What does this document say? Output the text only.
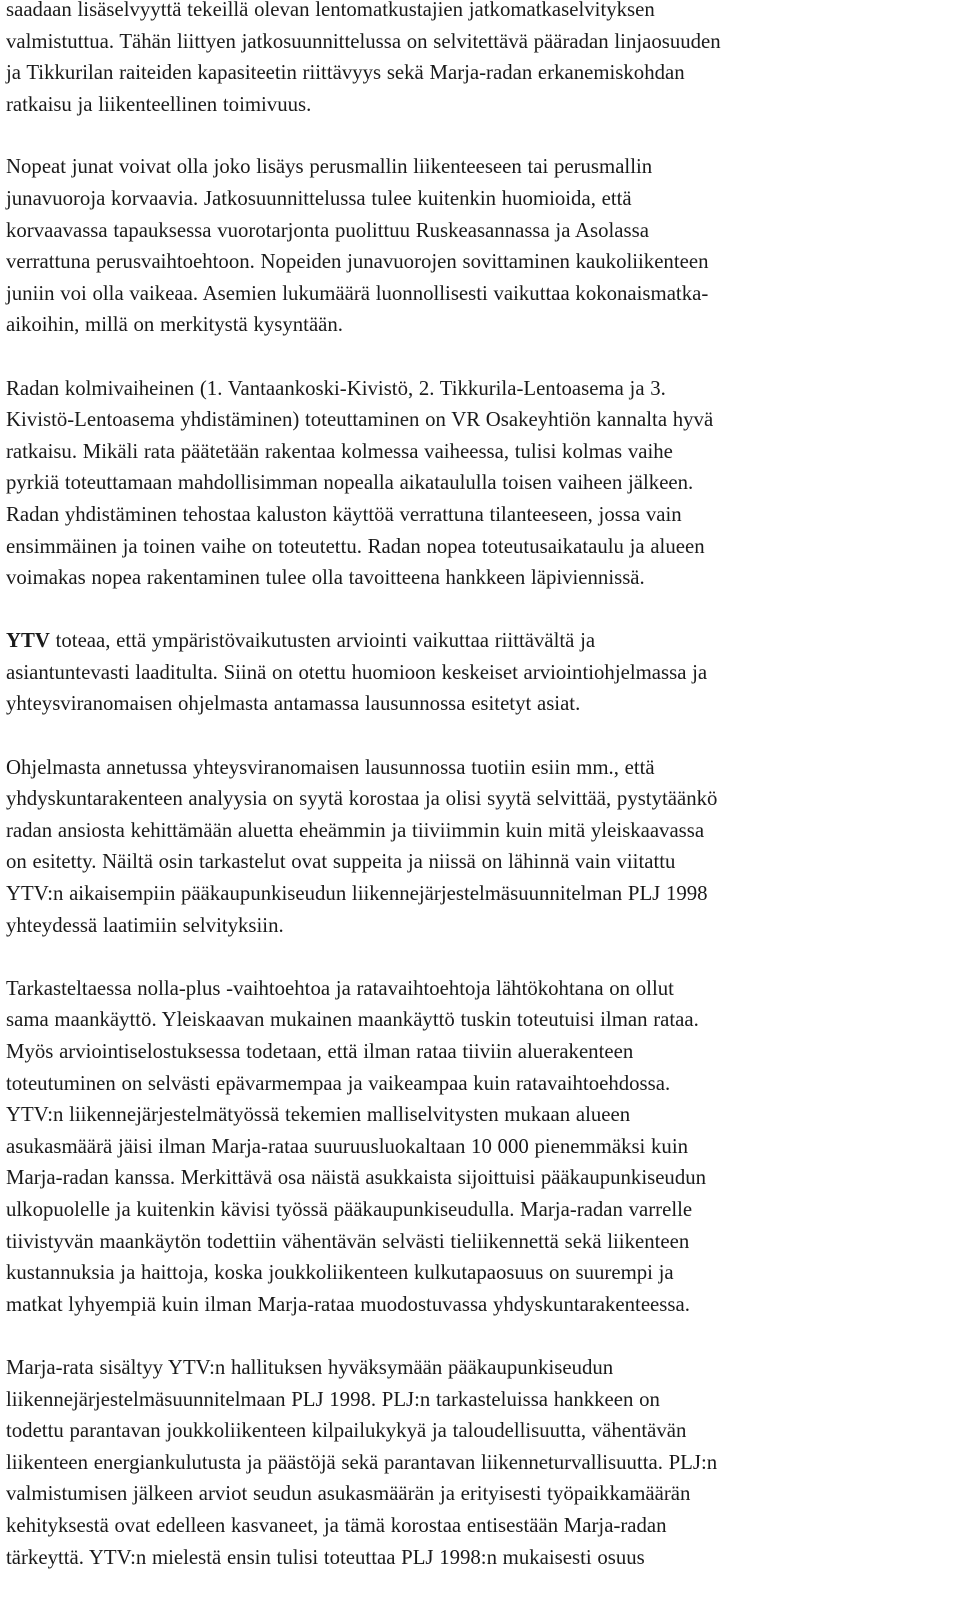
saadaan lisäselvyyttä tekeillä olevan lentomatkustajien jatkomatkaselvityksen
valmistuttua. Tähän liittyen jatkosuunnittelussa on selvitettävä pääradan linjaosuuden
ja Tikkurilan raiteiden kapasiteetin riittävyys sekä Marja-radan erkanemiskohdan
ratkaisu ja liikenteellinen toimivuus.

Nopeat junat voivat olla joko lisäys perusmallin liikenteeseen tai perusmallin
junavuoroja korvaavia. Jatkosuunnittelussa tulee kuitenkin huomioida, että
korvaavassa tapauksessa vuorotarjonta puolittuu Ruskeasannassa ja Asolassa
verrattuna perusvaihtoehtoon. Nopeiden junavuorojen sovittaminen kaukoliikenteen
juniin voi olla vaikeaa. Asemien lukumäärä luonnollisesti vaikuttaa kokonaismatka-
aikoihin, millä on merkitystä kysyntään.

Radan kolmivaiheinen (1. Vantaankoski-Kivistö, 2. Tikkurila-Lentoasema ja 3.
Kivistö-Lentoasema yhdistäminen) toteuttaminen on VR Osakeyhtiön kannalta hyvä
ratkaisu. Mikäli rata päätetään rakentaa kolmessa vaiheessa, tulisi kolmas vaihe
pyrkiä toteuttamaan mahdollisimman nopealla aikataululla toisen vaiheen jälkeen.
Radan yhdistäminen tehostaa kaluston käyttöä verrattuna tilanteeseen, jossa vain
ensimmäinen ja toinen vaihe on toteutettu. Radan nopea toteutusaikataulu ja alueen
voimakas nopea rakentaminen tulee olla tavoitteena hankkeen läpiviennissä.

YTV toteaa, että ympäristövaikutusten arviointi vaikuttaa riittävältä ja
asiantuntevasti laaditulta. Siinä on otettu huomioon keskeiset arviointiohjelmassa ja
yhteysviranomaisen ohjelmasta antamassa lausunnossa esitetyt asiat.

Ohjelmasta annetussa yhteysviranomaisen lausunnossa tuotiin esiin mm., että
yhdyskuntarakenteen analyysia on syytä korostaa ja olisi syytä selvittää, pystytäänkö
radan ansiosta kehittämään aluetta eheämmin ja tiiviimmin kuin mitä yleiskaavassa
on esitetty. Näiltä osin tarkastelut ovat suppeita ja niissä on lähinnä vain viitattu
YTV:n aikaisempiin pääkaupunkiseudun liikennejärjestelmäsuunnitelman PLJ 1998
yhteydessä laatimiin selvityksiin.

Tarkasteltaessa nolla-plus -vaihtoehtoa ja ratavaihtoehtoja lähtökohtana on ollut
sama maankäyttö. Yleiskaavan mukainen maankäyttö tuskin toteutuisi ilman rataa.
Myös arviointiselostuksessa todetaan, että ilman rataa tiiviin aluerakenteen
toteutuminen on selvästi epävarmempaa ja vaikeampaa kuin ratavaihtoehdossa.
YTV:n liikennejärjestelmätyössä tekemien malliselvitysten mukaan alueen
asukasmäärä jäisi ilman Marja-rataa suuruusluokaltaan 10 000 pienemmäksi kuin
Marja-radan kanssa. Merkittävä osa näistä asukkaista sijoittuisi pääkaupunkiseudun
ulkopuolelle ja kuitenkin kävisi työssä pääkaupunkiseudulla. Marja-radan varrelle
tiivistyvän maankäytön todettiin vähentävän selvästi tieliikennettä sekä liikenteen
kustannuksia ja haittoja, koska joukkoliikenteen kulkutapaosuus on suurempi ja
matkat lyhyempiä kuin ilman Marja-rataa muodostuvassa yhdyskuntarakenteessa.

Marja-rata sisältyy YTV:n hallituksen hyväksymään pääkaupunkiseudun
liikennejärjestelmäsuunnitelmaan PLJ 1998. PLJ:n tarkasteluissa hankkeen on
todettu parantavan joukkoliikenteen kilpailukykyä ja taloudellisuutta, vähentävän
liikenteen energiankulutusta ja päästöjä sekä parantavan liikenneturvallisuutta. PLJ:n
valmistumisen jälkeen arviot seudun asukasmäärän ja erityisesti työpaikkamäärän
kehityksestä ovat edelleen kasvaneet, ja tämä korostaa entisestään Marja-radan
tärkeyttä. YTV:n mielestä ensin tulisi toteuttaa PLJ 1998:n mukaisesti osuus
